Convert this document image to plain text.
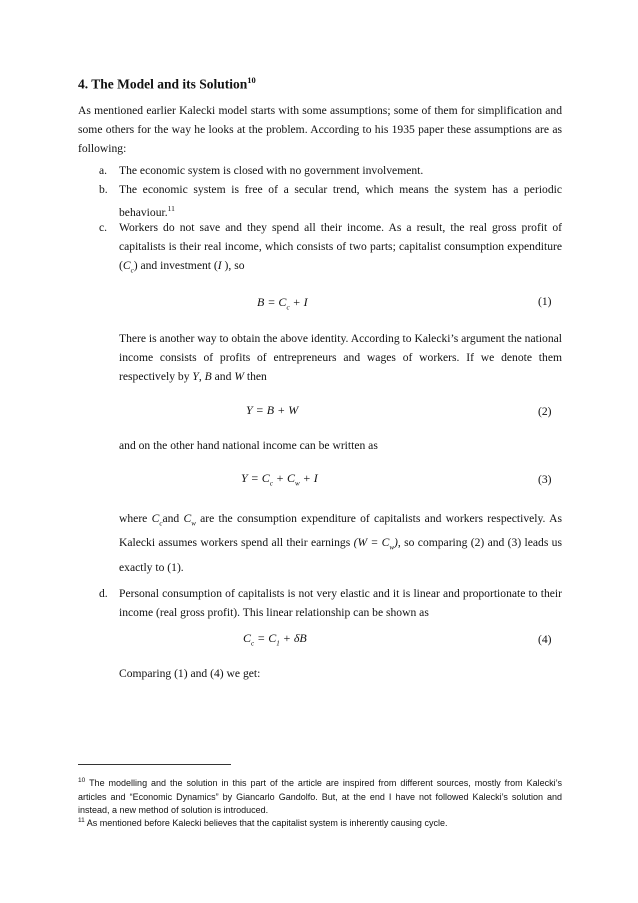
4. The Model and its Solution$^{10}$
As mentioned earlier Kalecki model starts with some assumptions; some of them for simplification and some others for the way he looks at the problem. According to his 1935 paper these assumptions are as following:
a. The economic system is closed with no government involvement.
b. The economic system is free of a secular trend, which means the system has a periodic behaviour.$^{11}$
c. Workers do not save and they spend all their income. As a result, the real gross profit of capitalists is their real income, which consists of two parts; capitalist consumption expenditure $(C_c)$ and investment (I ), so
$B = C_c + I$	(1)
There is another way to obtain the above identity. According to Kalecki’s argument the national income consists of profits of entrepreneurs and wages of workers. If we denote them respectively by Y, B and W then
Y = B + W	(2)
and on the other hand national income can be written as
$Y = C_c + C_w + I$	(3)
where $C_cand$ $C_w$ are the consumption expenditure of capitalists and workers respectively. As Kalecki assumes workers spend all their earnings $(W = C_w)$, so comparing (2) and (3) leads us exactly to (1).
d. Personal consumption of capitalists is not very elastic and it is linear and proportionate to their income (real gross profit). This linear relationship can be shown as
$C_c = C_1 + \delta B$	(4)
Comparing (1) and (4) we get:
$^{10}$ The modelling and the solution in this part of the article are inspired from different sources, mostly from Kalecki’s articles and “Economic Dynamics” by Giancarlo Gandolfo. But, at the end I have not followed Kalecki’s solution and instead, a new method of solution is introduced.
$^{11}$ As mentioned before Kalecki believes that the capitalist system is inherently causing cycle.
